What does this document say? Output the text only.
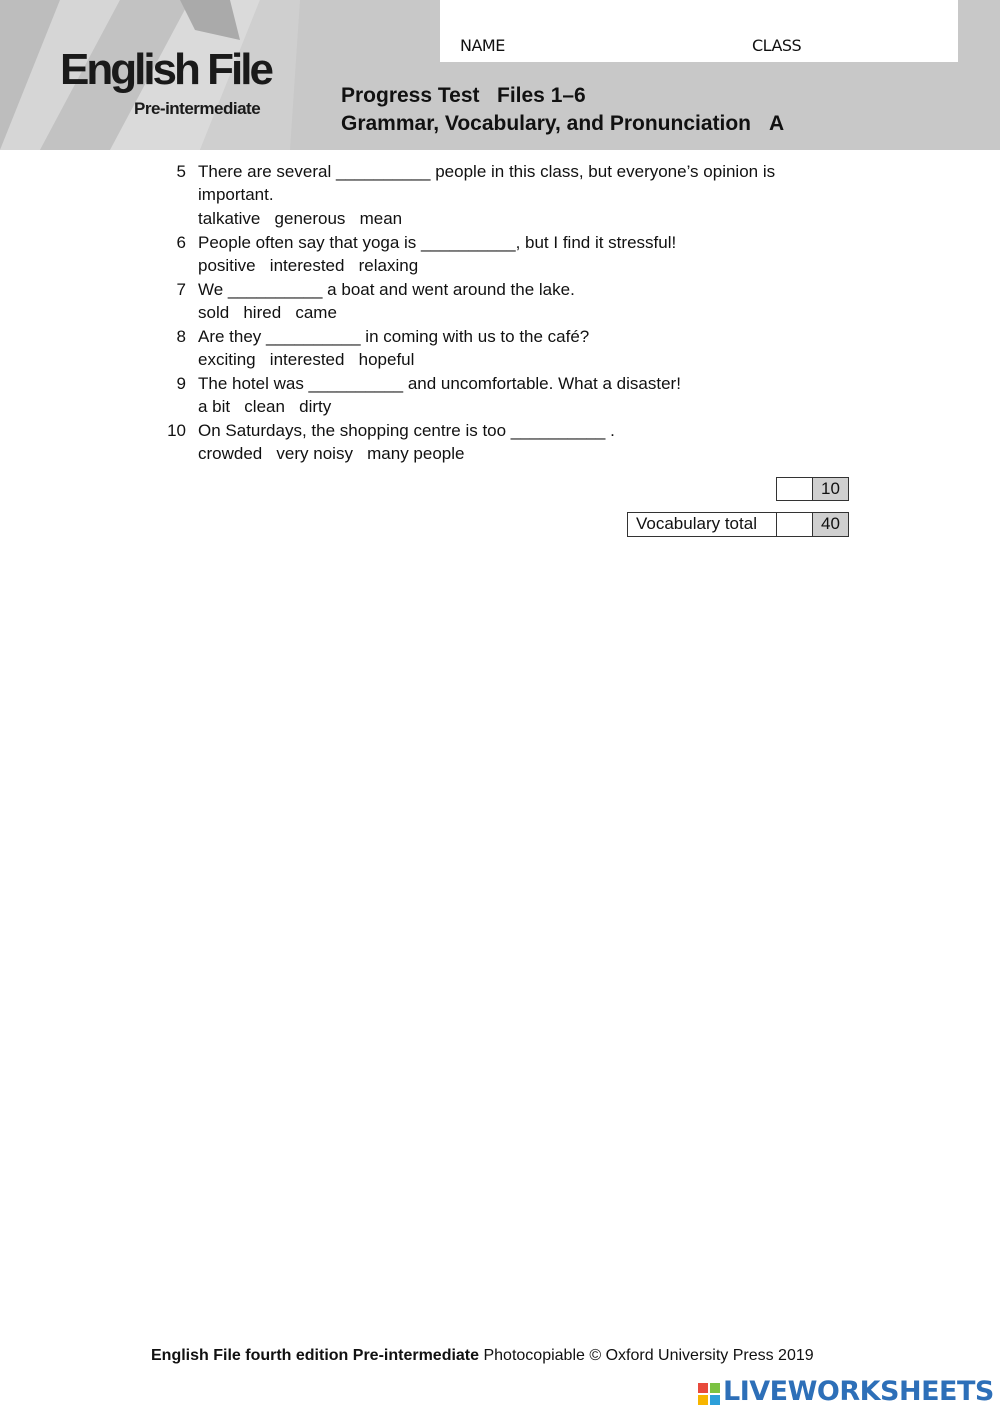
NAME	CLASS
English File
Pre-intermediate
Progress Test   Files 1–6
Grammar, Vocabulary, and Pronunciation A
5 There are several __________ people in this class, but everyone’s opinion is important.
talkative   generous   mean
6 People often say that yoga is __________, but I find it stressful!
positive   interested   relaxing
7 We __________ a boat and went around the lake.
sold   hired   came
8 Are they __________ in coming with us to the café?
exciting   interested   hopeful
9 The hotel was __________ and uncomfortable. What a disaster!
a bit   clean   dirty
10 On Saturdays, the shopping centre is too __________ .
crowded   very noisy   many people
10
Vocabulary total	40
English File fourth edition Pre-intermediate Photocopiable © Oxford University Press 2019
LIVEWORKSHEETS
